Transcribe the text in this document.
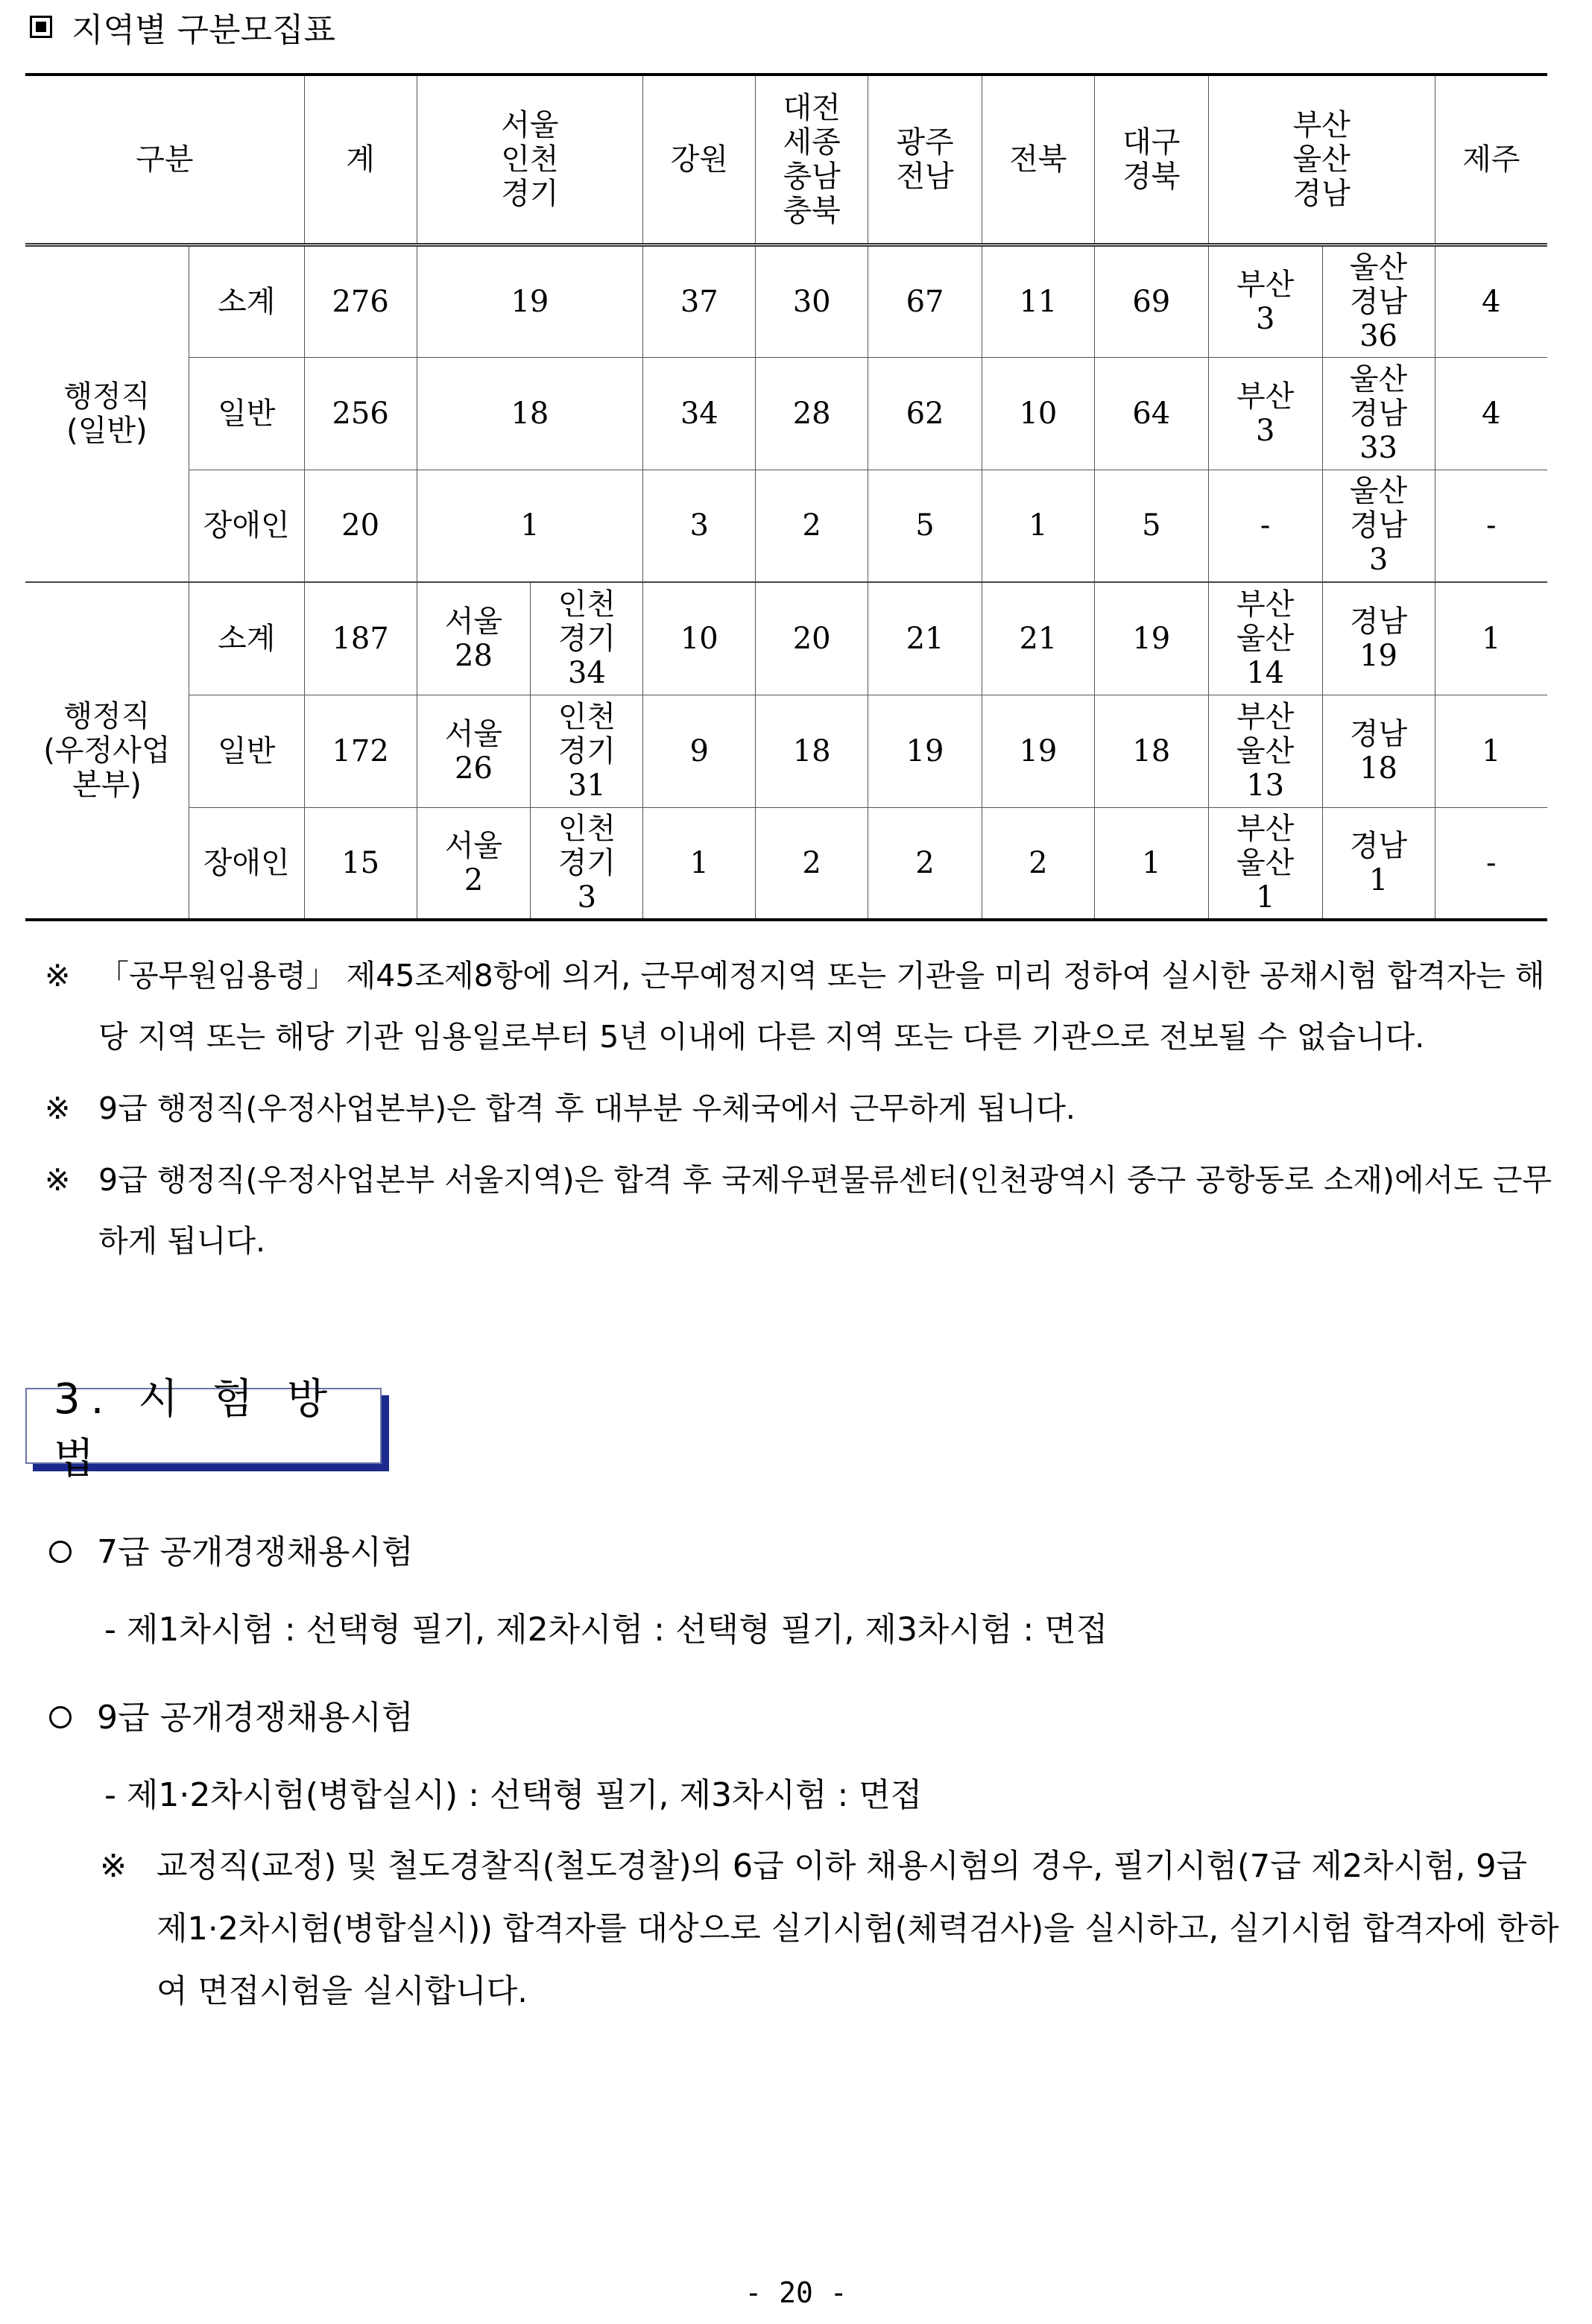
지역별 구분모집표
구분		계	서울
인천
경기		강원	대전
세종
충남
충북	광주
전남	전북	대구
경북	부산
울산
경남		제주

행정직
(일반)	소계	276	19		37	30	67	11	69	부산
3	울산
경남
36	4
	일반	256	18		34	28	62	10	64	부산
3	울산
경남
33	4
	장애인	20	1		3	2	5	1	5	-	울산
경남
3	-

행정직
(우정사업
본부)	소계	187	서울
28	인천
경기
34	10	20	21	21	19	부산
울산
14	경남
19	1
	일반	172	서울
26	인천
경기
31	9	18	19	19	18	부산
울산
13	경남
18	1
	장애인	15	서울
2	인천
경기
3	1	2	2	2	1	부산
울산
1	경남
1	-
※ 「공무원임용령」 제45조제8항에 의거, 근무예정지역 또는 기관을 미리 정하여 실시한 공채시험 합격자는 해당 지역 또는 해당 기관 임용일로부터 5년 이내에 다른 지역 또는 다른 기관으로 전보될 수 없습니다.
※ 9급 행정직(우정사업본부)은 합격 후 대부분 우체국에서 근무하게 됩니다.
※ 9급 행정직(우정사업본부 서울지역)은 합격 후 국제우편물류센터(인천광역시 중구 공항동로 소재)에서도 근무하게 됩니다.
3. 시 험 방 법
7급 공개경쟁채용시험
- 제1차시험 : 선택형 필기, 제2차시험 : 선택형 필기, 제3차시험 : 면접
9급 공개경쟁채용시험
- 제1·2차시험(병합실시) : 선택형 필기, 제3차시험 : 면접
※ 교정직(교정) 및 철도경찰직(철도경찰)의 6급 이하 채용시험의 경우, 필기시험(7급 제2차시험, 9급 제1·2차시험(병합실시)) 합격자를 대상으로 실기시험(체력검사)을 실시하고, 실기시험 합격자에 한하여 면접시험을 실시합니다.
- 20 -
